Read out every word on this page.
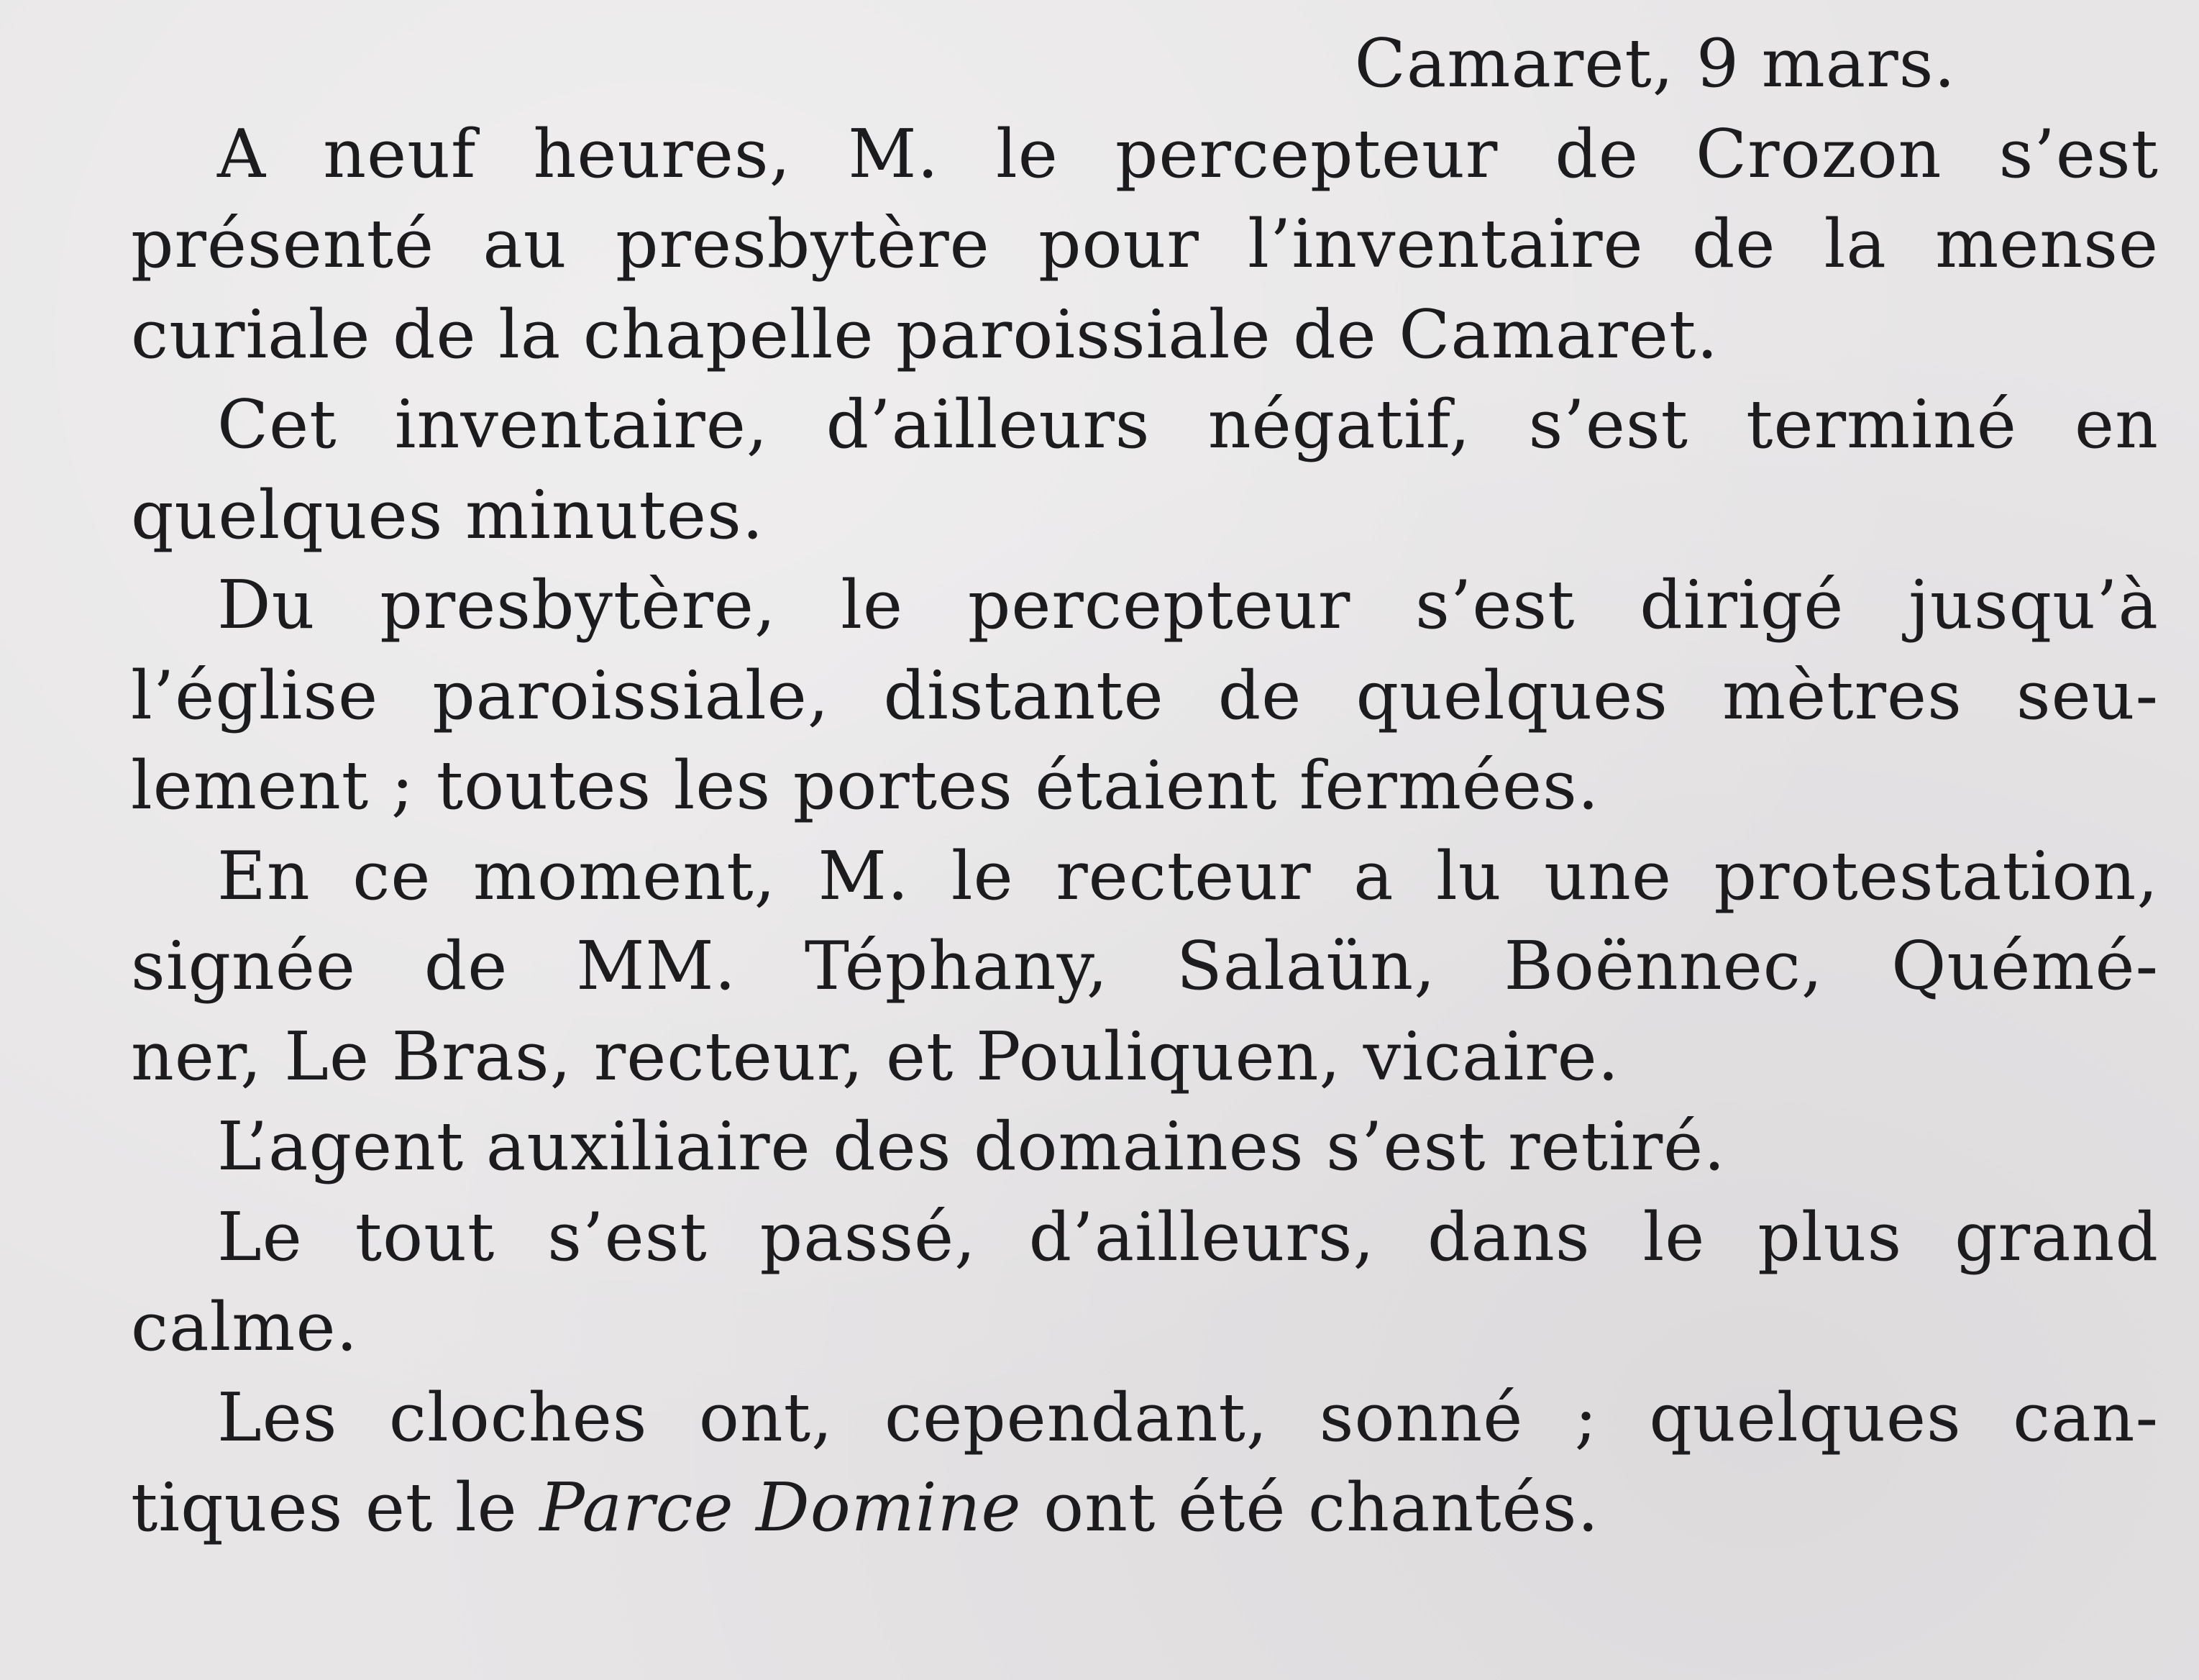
Camaret, 9 mars.
A neuf heures, M. le percepteur de Crozon s’est
présenté au presbytère pour l’inventaire de la mense
curiale de la chapelle paroissiale de Camaret.
Cet inventaire, d’ailleurs négatif, s’est terminé en
quelques minutes.
Du presbytère, le percepteur s’est dirigé jusqu’à
l’église paroissiale, distante de quelques mètres seu-
lement ; toutes les portes étaient fermées.
En ce moment, M. le recteur a lu une protestation,
signée de MM. Téphany, Salaün, Boënnec, Quémé-
ner, Le Bras, recteur, et Pouliquen, vicaire.
L’agent auxiliaire des domaines s’est retiré.
Le tout s’est passé, d’ailleurs, dans le plus grand
calme.
Les cloches ont, cependant, sonné ; quelques can-
tiques et le Parce Domine ont été chantés.
